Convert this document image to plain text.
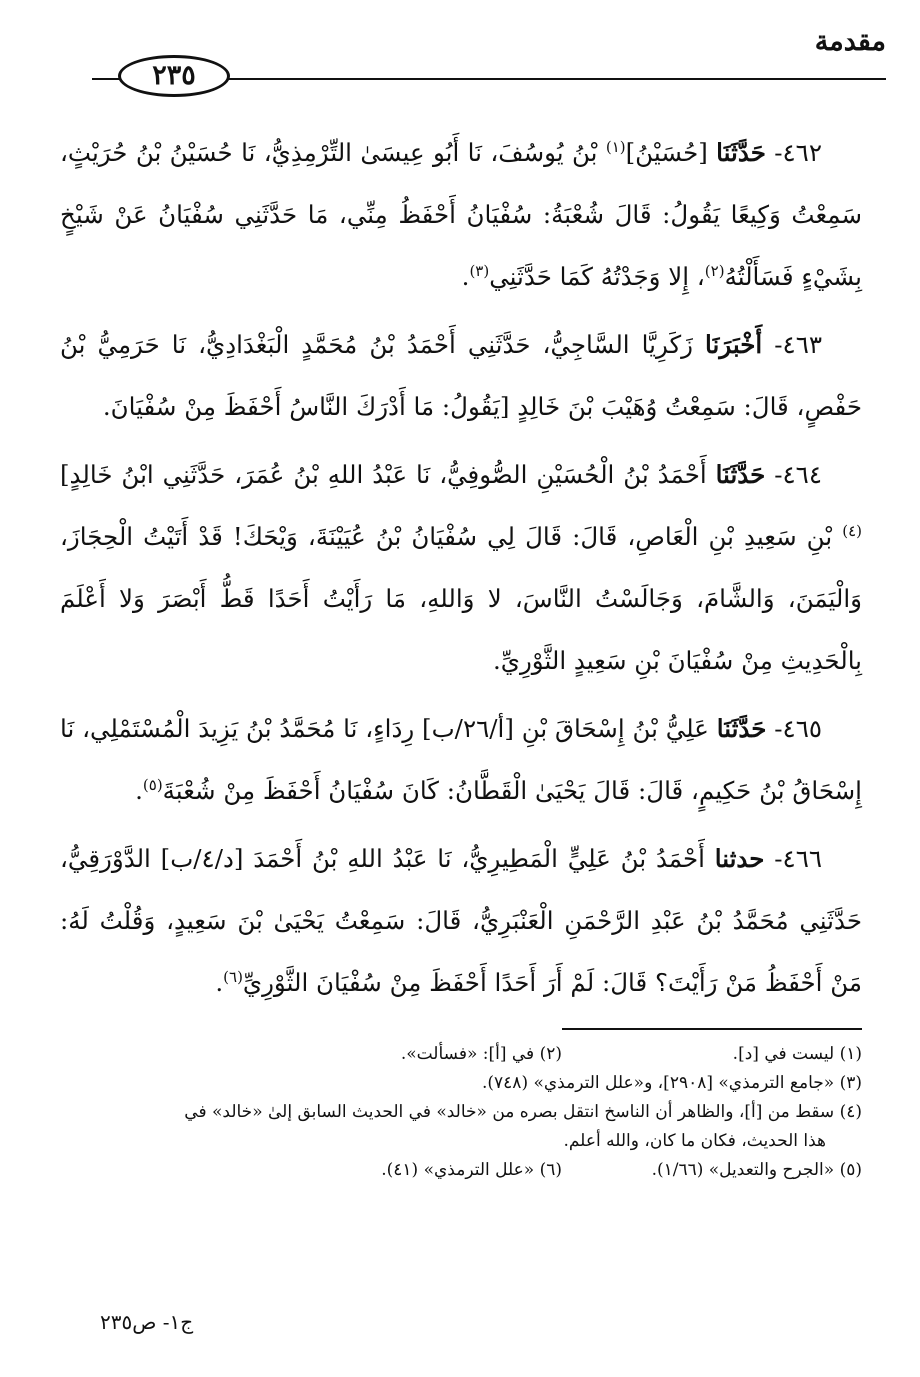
مقدمة
٢٣٥

٤٦٢- حَدَّثَنَا [حُسَيْنُ]$^{(١)}$ بْنُ يُوسُفَ، نَا أَبُو عِيسَىٰ التِّرْمِذِيُّ، نَا حُسَيْنُ بْنُ حُرَيْثٍ، سَمِعْتُ وَكِيعًا يَقُولُ: قَالَ شُعْبَةُ: سُفْيَانُ أَحْفَظُ مِنِّي، مَا حَدَّثَنِي سُفْيَانُ عَنْ شَيْخٍ بِشَيْءٍ فَسَأَلْتُهُ$^{(٢)}$، إِلا وَجَدْتُهُ كَمَا حَدَّثَنِي$^{(٣)}$.

٤٦٣- أَخْبَرَنَا زَكَرِيَّا السَّاجِيُّ، حَدَّثَنِي أَحْمَدُ بْنُ مُحَمَّدٍ الْبَغْدَادِيُّ، نَا حَرَمِيُّ بْنُ حَفْصٍ، قَالَ: سَمِعْتُ وُهَيْبَ بْنَ خَالِدٍ [يَقُولُ: مَا أَدْرَكَ النَّاسُ أَحْفَظَ مِنْ سُفْيَانَ.

٤٦٤- حَدَّثَنَا أَحْمَدُ بْنُ الْحُسَيْنِ الصُّوفِيُّ، نَا عَبْدُ اللهِ بْنُ عُمَرَ، حَدَّثَنِي ابْنُ خَالِدٍ]$^{(٤)}$ بْنِ سَعِيدِ بْنِ الْعَاصِ، قَالَ: قَالَ لِي سُفْيَانُ بْنُ عُيَيْنَةَ، وَيْحَكَ! قَدْ أَتَيْتُ الْحِجَازَ، وَالْيَمَنَ، وَالشَّامَ، وَجَالَسْتُ النَّاسَ، لا وَاللهِ، مَا رَأَيْتُ أَحَدًا قَطُّ أَبْصَرَ وَلا أَعْلَمَ بِالْحَدِيثِ مِنْ سُفْيَانَ بْنِ سَعِيدٍ الثَّوْرِيِّ.

٤٦٥- حَدَّثَنَا عَلِيُّ بْنُ إِسْحَاقَ بْنِ [أ/٢٦/ب] رِدَاءٍ، نَا مُحَمَّدُ بْنُ يَزِيدَ الْمُسْتَمْلِي، نَا إِسْحَاقُ بْنُ حَكِيمٍ، قَالَ: قَالَ يَحْيَىٰ الْقَطَّانُ: كَانَ سُفْيَانُ أَحْفَظَ مِنْ شُعْبَةَ$^{(٥)}$.

٤٦٦- حدثنا أَحْمَدُ بْنُ عَلِيٍّ الْمَطِيرِيُّ، نَا عَبْدُ اللهِ بْنُ أَحْمَدَ [د/٤/ب] الدَّوْرَقِيُّ، حَدَّثَنِي مُحَمَّدُ بْنُ عَبْدِ الرَّحْمَنِ الْعَنْبَرِيُّ، قَالَ: سَمِعْتُ يَحْيَىٰ بْنَ سَعِيدٍ، وَقُلْتُ لَهُ: مَنْ أَحْفَظُ مَنْ رَأَيْتَ؟ قَالَ: لَمْ أَرَ أَحَدًا أَحْفَظَ مِنْ سُفْيَانَ الثَّوْرِيِّ$^{(٦)}$.

(١) ليست في [د].
(٢) في [أ]: «فسألت».
(٣) «جامع الترمذي» [٢٩٠٨]، و«علل الترمذي» (٧٤٨).
(٤) سقط من [أ]، والظاهر أن الناسخ انتقل بصره من «خالد» في الحديث السابق إلىٰ «خالد» في
هذا الحديث، فكان ما كان، والله أعلم.
(٥) «الجرح والتعديل» (١/٦٦).
(٦) «علل الترمذي» (٤١).
ج١- ص٢٣٥
